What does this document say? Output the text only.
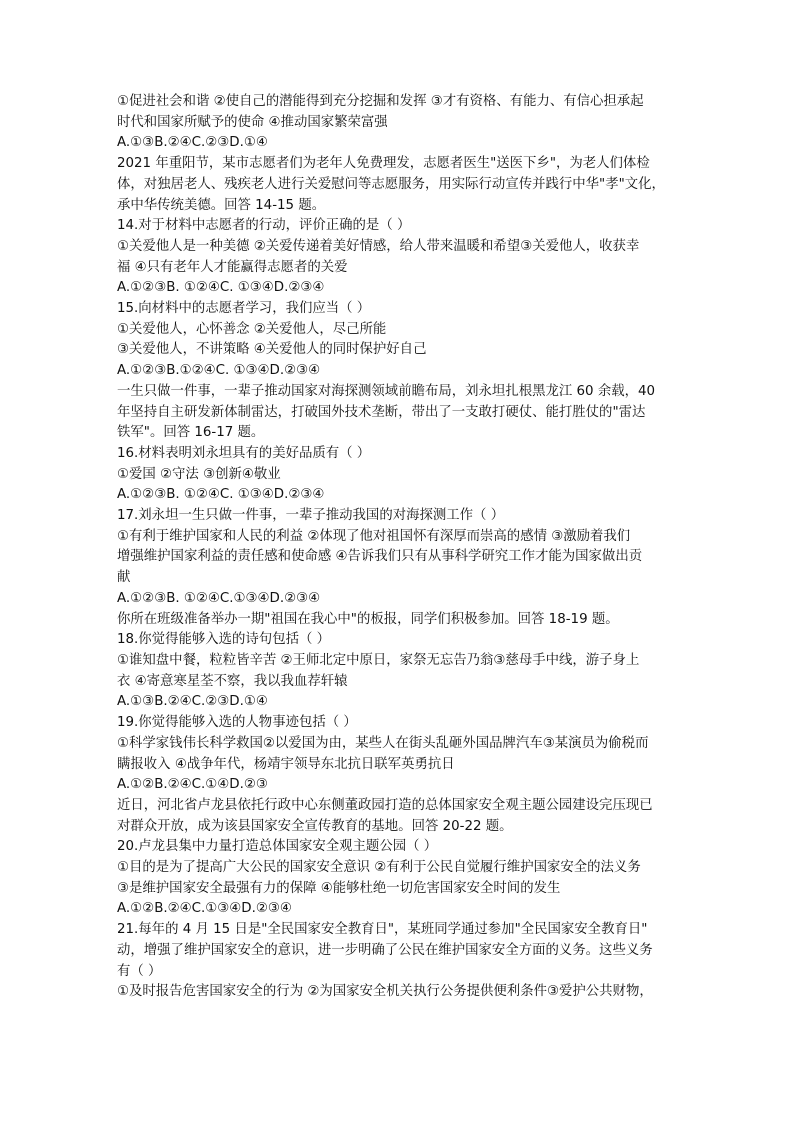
①促进社会和谐 ②使自己的潜能得到充分挖掘和发挥 ③才有资格、有能力、有信心担承起
时代和国家所赋予的使命 ④推动国家繁荣富强
A.①③B.②④C.②③D.①④
2021 年重阳节，某市志愿者们为老年人免费理发，志愿者医生"送医下乡"，为老人们体检
体，对独居老人、残疾老人进行关爱慰问等志愿服务，用实际行动宣传并践行中华"孝"文化，
承中华传统美德。回答 14-15 题。
14.对于材料中志愿者的行动，评价正确的是（ ）
①关爱他人是一种美德 ②关爱传递着美好情感，给人带来温暖和希望③关爱他人，收获幸
福 ④只有老年人才能赢得志愿者的关爱
A.①②③B. ①②④C. ①③④D.②③④
15.向材料中的志愿者学习，我们应当（ ）
①关爱他人，心怀善念 ②关爱他人，尽己所能
③关爱他人，不讲策略 ④关爱他人的同时保护好自己
A.①②③B.①②④C. ①③④D.②③④
一生只做一件事，一辈子推动国家对海探测领域前瞻布局，刘永坦扎根黑龙江 60 余载，40
年坚持自主研发新体制雷达，打破国外技术垄断，带出了一支敢打硬仗、能打胜仗的"雷达
铁军"。回答 16-17 题。
16.材料表明刘永坦具有的美好品质有（ ）
①爱国 ②守法 ③创新④敬业
A.①②③B. ①②④C. ①③④D.②③④
17.刘永坦一生只做一件事，一辈子推动我国的对海探测工作（ ）
①有利于维护国家和人民的利益 ②体现了他对祖国怀有深厚而崇高的感情 ③激励着我们
增强维护国家利益的责任感和使命感 ④告诉我们只有从事科学研究工作才能为国家做出贡
献
A.①②③B. ①②④C.①③④D.②③④
你所在班级准备举办一期"祖国在我心中"的板报，同学们积极参加。回答 18-19 题。
18.你觉得能够入选的诗句包括（ ）
①谁知盘中餐，粒粒皆辛苦 ②王师北定中原日，家祭无忘告乃翁③慈母手中线，游子身上
衣 ④寄意寒星荃不察，我以我血荐轩辕
A.①③B.②④C.②③D.①④
19.你觉得能够入选的人物事迹包括（ ）
①科学家钱伟长科学救国②以爱国为由，某些人在街头乱砸外国品牌汽车③某演员为偷税而
瞒报收入 ④战争年代，杨靖宇领导东北抗日联军英勇抗日
A.①②B.②④C.①④D.②③
近日，河北省卢龙县依托行政中心东侧董政园打造的总体国家安全观主题公园建设完压现已
对群众开放，成为该县国家安全宣传教育的基地。回答 20-22 题。
20.卢龙县集中力量打造总体国家安全观主题公园（ ）
①目的是为了提高广大公民的国家安全意识 ②有利于公民自觉履行维护国家安全的法义务
③是维护国家安全最强有力的保障 ④能够杜绝一切危害国家安全时间的发生
A.①②B.②④C.①③④D.②③④
21.每年的 4 月 15 日是"全民国家安全教育日"，某班同学通过参加"全民国家安全教育日"
动，增强了维护国家安全的意识，进一步明确了公民在维护国家安全方面的义务。这些义务
有（ ）
①及时报告危害国家安全的行为 ②为国家安全机关执行公务提供便利条件③爱护公共财物，
